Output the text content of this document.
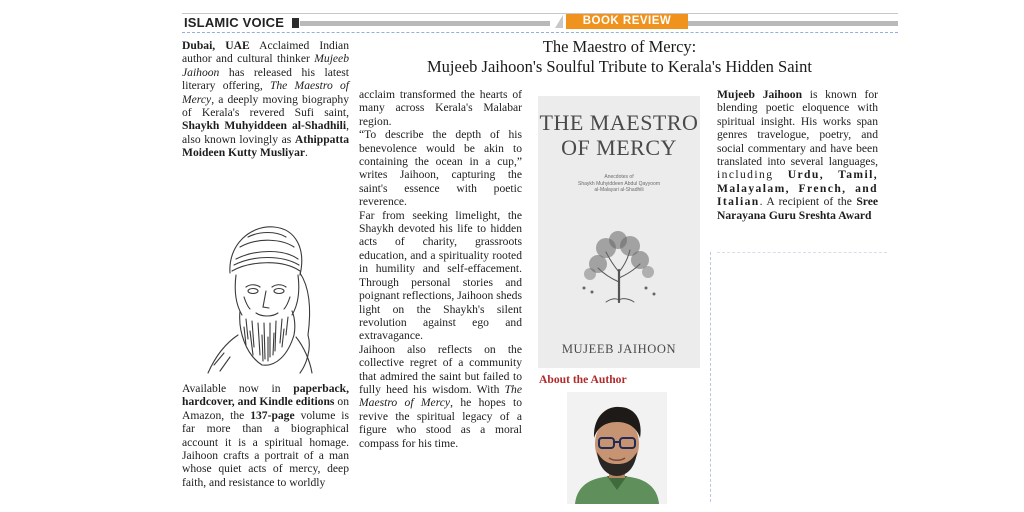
ISLAMIC VOICE	BOOK REVIEW
The Maestro of Mercy:
Mujeeb Jaihoon's Soulful Tribute to Kerala's Hidden Saint

Dubai, UAE Acclaimed Indian author and cultural thinker Mujeeb Jaihoon has released his latest literary offering, The Maestro of Mercy, a deeply moving biography of Kerala's revered Sufi saint, Shaykh Muhyiddeen al-Shadhili, also known lovingly as Athippatta Moideen Kutty Musliyar.

Available now in paperback, hardcover, and Kindle editions on Amazon, the 137-page volume is far more than a biographical account it is a spiritual homage. Jaihoon crafts a portrait of a man whose quiet acts of mercy, deep faith, and resistance to worldly

acclaim transformed the hearts of many across Kerala's Malabar region.

“To describe the depth of his benevolence would be akin to containing the ocean in a cup,” writes Jaihoon, capturing the saint's essence with poetic reverence.

Far from seeking limelight, the Shaykh devoted his life to hidden acts of charity, grassroots education, and a spirituality rooted in humility and self-effacement. Through personal stories and poignant reflections, Jaihoon sheds light on the Shaykh's silent revolution against ego and extravagance.

Jaihoon also reflects on the collective regret of a community that admired the saint but failed to fully heed his wisdom. With The Maestro of Mercy, he hopes to revive the spiritual legacy of a figure who stood as a moral compass for his time.

THE MAESTRO
OF MERCY
Anecdotes of
Shaykh Muhyiddeen Abdul Qayyoom
al-Malayari al-Shadhili
MUJEEB JAIHOON
About the Author

Mujeeb Jaihoon is known for blending poetic eloquence with spiritual insight. His works span genres travelogue, poetry, and social commentary and have been translated into several languages, including Urdu, Tamil, Malayalam, French, and Italian. A recipient of the Sree Narayana Guru Sreshta Award
